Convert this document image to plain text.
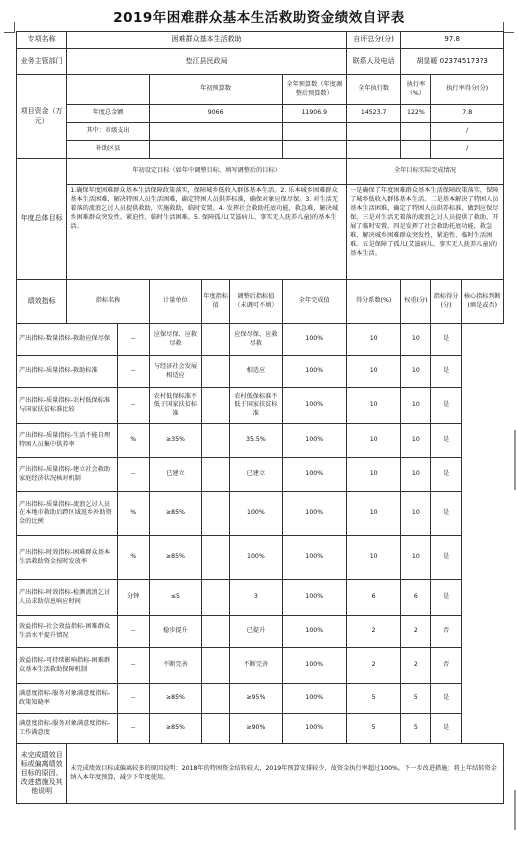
2019年困难群众基本生活救助资金绩效自评表
专项名称	困难群众基本生活救助						自评总分(分)	97.8		
业务主管部门	垫江县民政局						联系人及电话	胡显暖 023745173?3		
项目资金（万元）			年初预算数			全年预算数（年度调整后预算数）	全年执行数	执行率（%）	执行率得分(分)	
	年度总金额		9066			11906.9	14523.7	122%	7.8	
	其中：市级支出								/	
	补助区县								/	
年度总体目标	年初设定目标（如年中调整目标，填写调整后的目标）						全年目标实际完成情况			
	1.确保年度困难群众基本生活保障政策落实，保障城乡低收入群体基本生活。2. 乐本城乡困难群众基本生活困难，解决特困人员生活困难，确定特困人员供养标准，确保对象应保尽保。3. 对生活无着落的流浪乞讨人员提供救助，实施救助，临时安置。4. 发挥社会救助托底功能，救急难，解决城乡困难群众突发性、紧迫性、临时生活困难。5. 保障孤儿(艾滋病儿、事实无人抚养儿童)的基本生活。						一是确保了年度困难群众基本生活保障政策落实，保障了城乡低收入群体基本生活。二是基本解决了特困人员基本生活困难，确定了特困人员供养标准，做到应保尽保，三是对生活无着落的流浪乞讨人员提供了救助，开展了临时安置。四是发挥了社会救助托底功能，救急难，解决城乡困难群众突发性、紧迫性、临时生活困难。五是保障了孤儿(艾滋病儿、事实无人抚养儿童)的基本生活。			
绩效指标	指标名称		计量单位	年度指标值	调整后指标值（未调可不填）	全年完成值	得分系数(%)	权重(分)	指标得分(分)	核心指标判断(填是或否)
产出指标-数量指标-救助应保尽保		--	应保尽保、应救尽救		应保尽保、应救尽救	100%	10	10	是	
产出指标-质量指标-救助标准		--	与经济社会发展相适应		相适应	100%	10	10	是	
产出指标-质量指标-农村低保标准与国家扶贫标准比较		--	农村低保标准不低于国家扶贫标准		农村低保标准不低于国家扶贫标准	100%	10	10	是	
产出指标-质量指标-生活不能自理特困人员集中供养率		%	≥35%		35.5%	100%	10	10	是	
产出指标-质量指标-建立社会救助家庭经济状况核对机制		--	已建立		已建立	100%	10	10	是	
产出指标-质量指标-流浪乞讨人员在本地市救助后跨区域返乡补助资金的比例		%	≥85%		100%	100%	10	10	是	
产出指标-时效指标-困难群众基本生活救助资金按时发放率		%	≥85%		100%	100%	10	10	是	
产出指标-时效指标-检测流浪乞讨人员求助信息响应时间		分钟	≤5		3	100%	6	6	是	
效益指标-社会效益指标-困难群众生活水平提升情况		--	稳步提升		已提升	100%	2	2	否	
效益指标-可持续影响指标-困难群众基本生活救助保障机制		--	不断完善		不断完善	100%	2	2	否	
满意度指标-服务对象满意度指标-政策知晓率		--	≥85%		≥95%	100%	5	5	是	
满意度指标-服务对象满意度指标-工作满意度		--	≥85%		≥90%	100%	5	5	是	
未完成绩效目标或偏离绩效目标的原因、改进措施及其他说明	未完成绩效目标或偏离较多的原因说明：2018年的特困资金结转较大，2019年预算安排较少，故资金执行率超过100%。下一步改进措施：将上年结转资金纳入本年度预算，减少下年度使用。									
